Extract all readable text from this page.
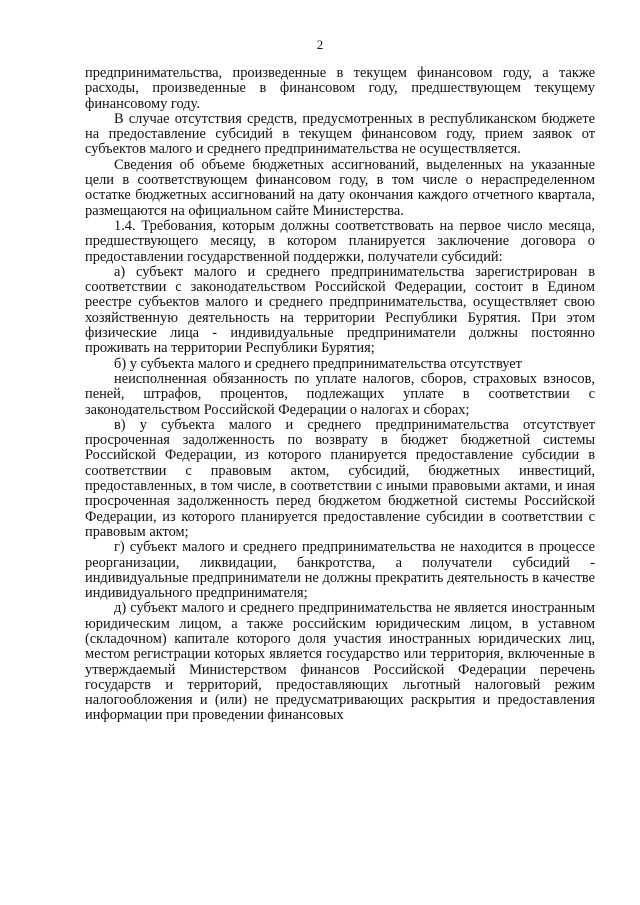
2

предпринимательства, произведенные в текущем финансовом году, а также расходы, произведенные в финансовом году, предшествующем текущему финансовому году.

В случае отсутствия средств, предусмотренных в республиканском бюджете на предоставление субсидий в текущем финансовом году, прием заявок от субъектов малого и среднего предпринимательства не осуществляется.

Сведения об объеме бюджетных ассигнований, выделенных на указанные цели в соответствующем финансовом году, в том числе о нераспределенном остатке бюджетных ассигнований на дату окончания каждого отчетного квартала, размещаются на официальном сайте Министерства.

1.4. Требования, которым должны соответствовать на первое число месяца, предшествующего месяцу, в котором планируется заключение договора о предоставлении государственной поддержки, получатели субсидий:

а) субъект малого и среднего предпринимательства зарегистрирован в соответствии с законодательством Российской Федерации, состоит в Едином реестре субъектов малого и среднего предпринимательства, осуществляет свою хозяйственную деятельность на территории Республики Бурятия. При этом физические лица - индивидуальные предприниматели должны постоянно проживать на территории Республики Бурятия;

б) у субъекта малого и среднего предпринимательства отсутствует

неисполненная обязанность по уплате налогов, сборов, страховых взносов, пеней, штрафов, процентов, подлежащих уплате в соответствии с законодательством Российской Федерации о налогах и сборах;

в) у субъекта малого и среднего предпринимательства отсутствует просроченная задолженность по возврату в бюджет бюджетной системы Российской Федерации, из которого планируется предоставление субсидии в соответствии с правовым актом, субсидий, бюджетных инвестиций, предоставленных, в том числе, в соответствии с иными правовыми актами, и иная просроченная задолженность перед бюджетом бюджетной системы Российской Федерации, из которого планируется предоставление субсидии в соответствии с правовым актом;

г) субъект малого и среднего предпринимательства не находится в процессе реорганизации, ликвидации, банкротства, а получатели субсидий - индивидуальные предприниматели не должны прекратить деятельность в качестве индивидуального предпринимателя;

д) субъект малого и среднего предпринимательства не является иностранным юридическим лицом, а также российским юридическим лицом, в уставном (складочном) капитале которого доля участия иностранных юридических лиц, местом регистрации которых является государство или территория, включенные в утверждаемый Министерством финансов Российской Федерации перечень государств и территорий, предоставляющих льготный налоговый режим налогообложения и (или) не предусматривающих раскрытия и предоставления информации при проведении финансовых
